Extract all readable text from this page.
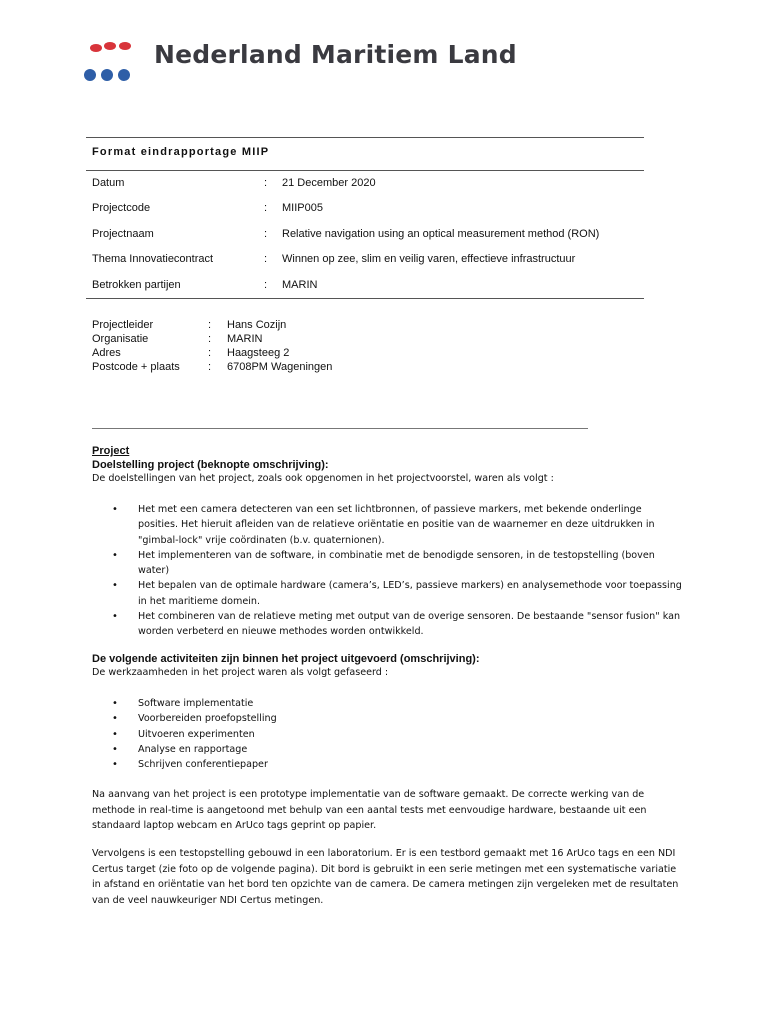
Nederland Maritiem Land
Format eindrapportage MIIP
Datum	: 21 December 2020
Projectcode	: MIIP005
Projectnaam	: Relative navigation using an optical measurement method (RON)
Thema Innovatiecontract	: Winnen op zee, slim en veilig varen, effectieve infrastructuur
Betrokken partijen	: MARIN
Projectleider	: Hans Cozijn
Organisatie	: MARIN
Adres	: Haagsteeg 2
Postcode + plaats	: 6708PM Wageningen
Project
Doelstelling project (beknopte omschrijving):
De doelstellingen van het project, zoals ook opgenomen in het projectvoorstel, waren als volgt :
• Het met een camera detecteren van een set lichtbronnen, of passieve markers, met bekende onderlinge posities. Het hieruit afleiden van de relatieve oriëntatie en positie van de waarnemer en deze uitdrukken in "gimbal-lock" vrije coördinaten (b.v. quaternionen).
• Het implementeren van de software, in combinatie met de benodigde sensoren, in de testopstelling (boven water)
• Het bepalen van de optimale hardware (camera’s, LED’s, passieve markers) en analysemethode voor toepassing in het maritieme domein.
• Het combineren van de relatieve meting met output van de overige sensoren. De bestaande "sensor fusion" kan worden verbeterd en nieuwe methodes worden ontwikkeld.
De volgende activiteiten zijn binnen het project uitgevoerd (omschrijving):
De werkzaamheden in het project waren als volgt gefaseerd :
• Software implementatie
• Voorbereiden proefopstelling
• Uitvoeren experimenten
• Analyse en rapportage
• Schrijven conferentiepaper
Na aanvang van het project is een prototype implementatie van de software gemaakt. De correcte werking van de methode in real-time is aangetoond met behulp van een aantal tests met eenvoudige hardware, bestaande uit een standaard laptop webcam en ArUco tags geprint op papier.
Vervolgens is een testopstelling gebouwd in een laboratorium. Er is een testbord gemaakt met 16 ArUco tags en een NDI Certus target (zie foto op de volgende pagina). Dit bord is gebruikt in een serie metingen met een systematische variatie in afstand en oriëntatie van het bord ten opzichte van de camera. De camera metingen zijn vergeleken met de resultaten van de veel nauwkeuriger NDI Certus metingen.
